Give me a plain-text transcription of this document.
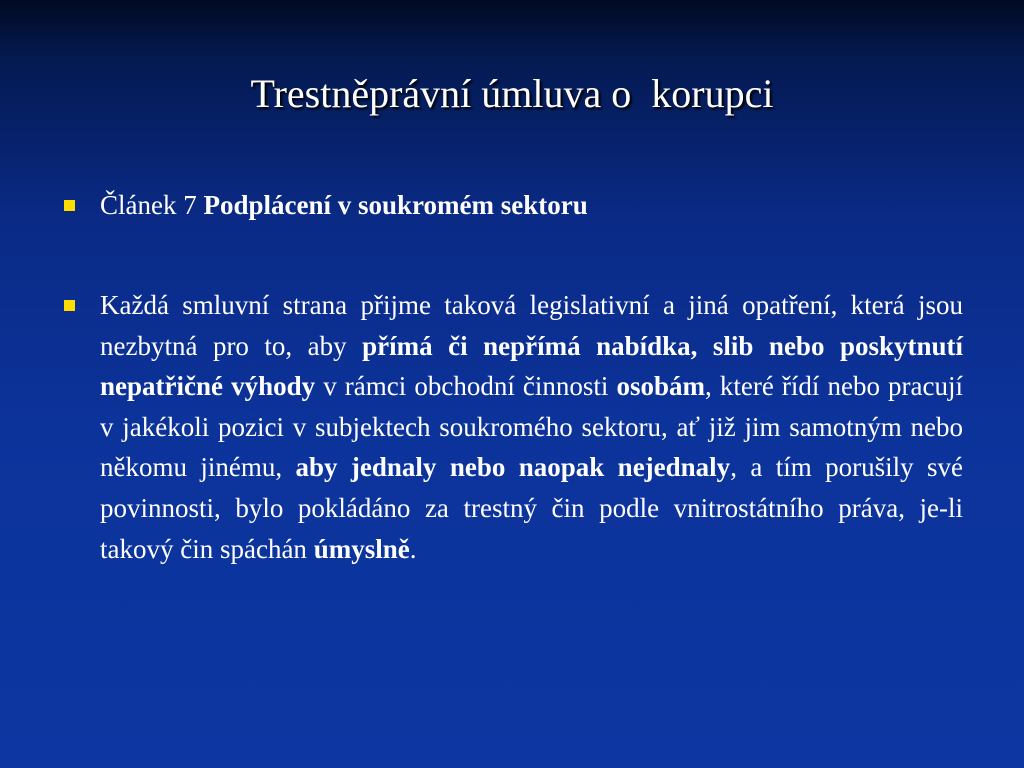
Trestněprávní úmluva o  korupci
Článek 7 Podplácení v soukromém sektoru
Každá smluvní strana přijme taková legislativní a jiná opatření, která jsou nezbytná pro to, aby přímá či nepřímá nabídka, slib nebo poskytnutí nepatřičné výhody v rámci obchodní činnosti osobám, které řídí nebo pracují v jakékoli pozici v subjektech soukromého sektoru, ať již jim samotným nebo někomu jinému, aby jednaly nebo naopak nejednaly, a tím porušily své povinnosti, bylo pokládáno za trestný čin podle vnitrostátního práva, je-li takový čin spáchán úmyslně.
